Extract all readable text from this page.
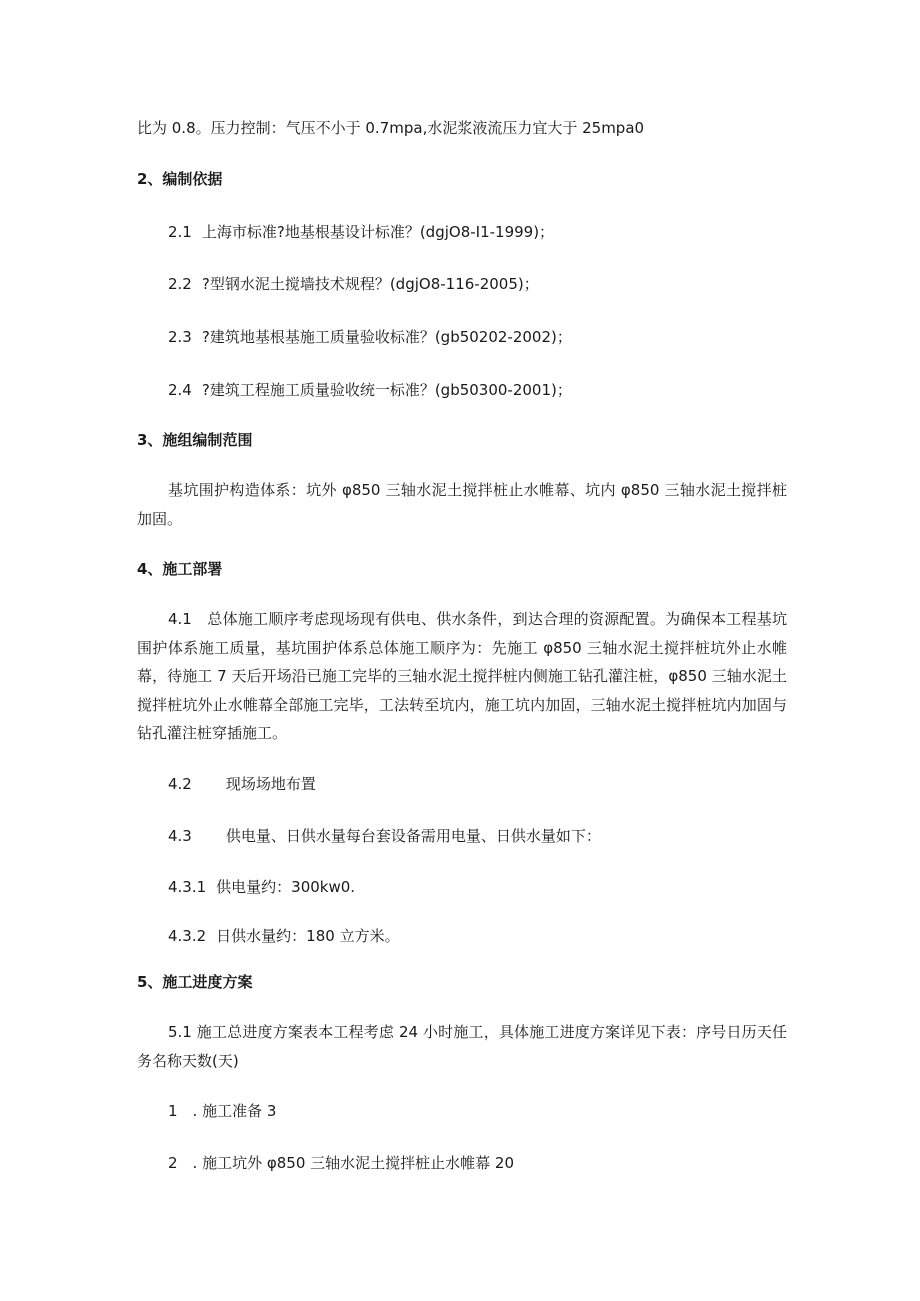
比为 0.8。压力控制：气压不小于 0.7mpa,水泥浆液流压力宜大于 25mpa0
2、编制依据
2.1 上海市标准?地基根基设计标准？(dgjO8-I1-1999)；
2.2 ?型钢水泥土搅墙技术规程？(dgjO8-116-2005)；
2.3 ?建筑地基根基施工质量验收标准？(gb50202-2002)；
2.4 ?建筑工程施工质量验收统一标准？(gb50300-2001)；
3、施组编制范围
基坑围护构造体系：坑外 φ850 三轴水泥土搅拌桩止水帷幕、坑内 φ850 三轴水泥土搅拌桩加固。
4、施工部署
4.1　总体施工顺序考虑现场现有供电、供水条件，到达合理的资源配置。为确保本工程基坑围护体系施工质量，基坑围护体系总体施工顺序为：先施工 φ850 三轴水泥土搅拌桩坑外止水帷幕，待施工 7 天后开场沿已施工完毕的三轴水泥土搅拌桩内侧施工钻孔灌注桩，φ850 三轴水泥土搅拌桩坑外止水帷幕全部施工完毕，工法转至坑内，施工坑内加固，三轴水泥土搅拌桩坑内加固与钻孔灌注桩穿插施工。
4.2 现场场地布置
4.3 供电量、日供水量每台套设备需用电量、日供水量如下：
4.3.1 供电量约：300kw0.
4.3.2 日供水量约：180 立方米。
5、施工进度方案
5.1 施工总进度方案表本工程考虑 24 小时施工，具体施工进度方案详见下表：序号日历天任务名称天数(天)
1　. 施工准备 3
2　. 施工坑外 φ850 三轴水泥土搅拌桩止水帷幕 20
